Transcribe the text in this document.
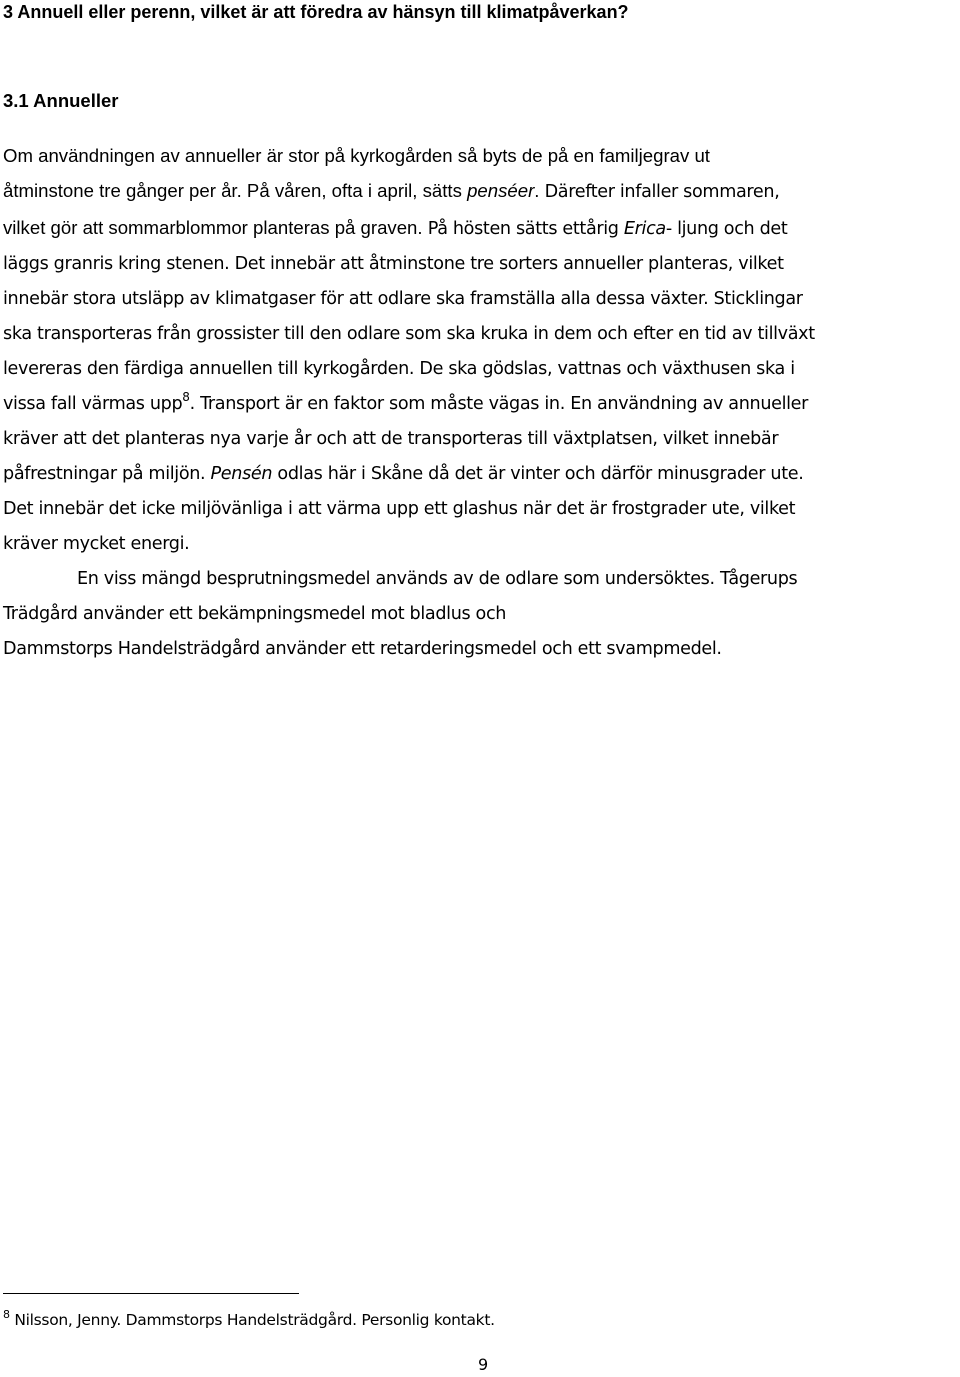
3 Annuell eller perenn, vilket är att föredra av hänsyn till klimatpåverkan?
3.1 Annueller
Om användningen av annueller är stor på kyrkogården så byts de på en familjegrav ut
åtminstone tre gånger per år. På våren, ofta i april, sätts penséer. Därefter infaller sommaren,
vilket gör att sommarblommor planteras på graven. På hösten sätts ettårig Erica- ljung och det
läggs granris kring stenen. Det innebär att åtminstone tre sorters annueller planteras, vilket
innebär stora utsläpp av klimatgaser för att odlare ska framställa alla dessa växter. Sticklingar
ska transporteras från grossister till den odlare som ska kruka in dem och efter en tid av tillväxt
levereras den färdiga annuellen till kyrkogården. De ska gödslas, vattnas och växthusen ska i
vissa fall värmas upp$^8$. Transport är en faktor som måste vägas in. En användning av annueller
kräver att det planteras nya varje år och att de transporteras till växtplatsen, vilket innebär
påfrestningar på miljön. Pensén odlas här i Skåne då det är vinter och därför minusgrader ute.
Det innebär det icke miljövänliga i att värma upp ett glashus när det är frostgrader ute, vilket
kräver mycket energi.
En viss mängd besprutningsmedel används av de odlare som undersöktes. Tågerups
Trädgård använder ett bekämpningsmedel mot bladlus och
Dammstorps Handelsträdgård använder ett retarderingsmedel och ett svampmedel.
$^8$ Nilsson, Jenny. Dammstorps Handelsträdgård. Personlig kontakt.
9
